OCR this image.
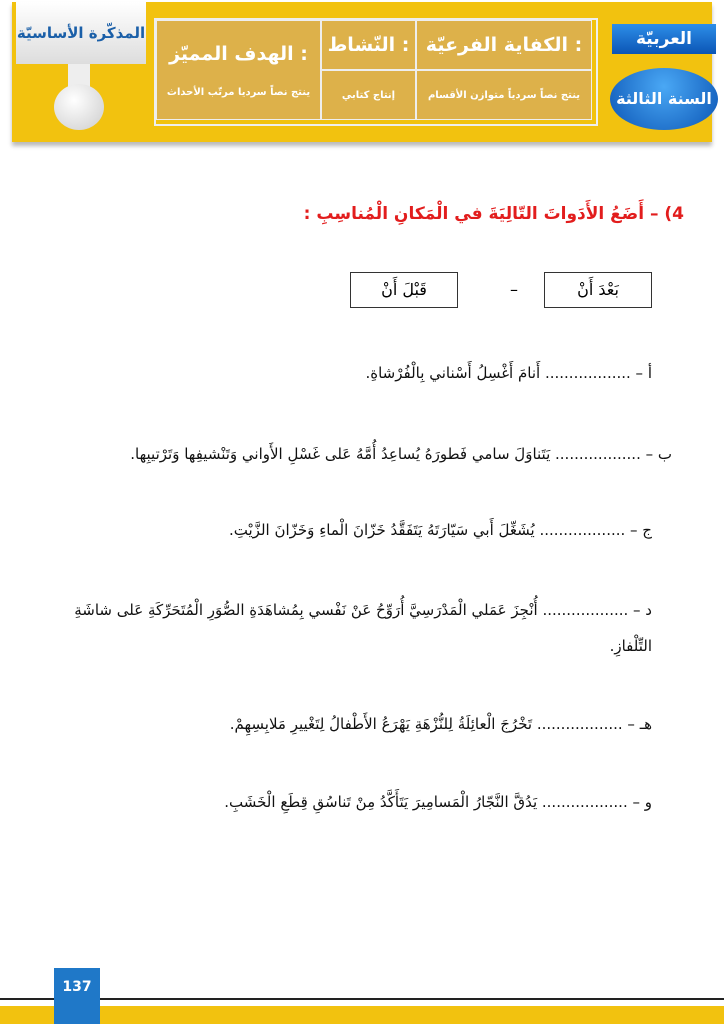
المذكّرة الأساسيّة
الهدف المميّز :
ينتج نصاً سرديا مرتّب الأحداث
النّشاط : الكفاية الفرعيّة :
إنتاج كتابي	ينتج نصاً سردياً متوازن الأقسام
العربيّة
السنة الثالثة
4) – أَضَعُ الأَدَواتَ التّالِيَةَ في الْمَكانِ الْمُناسِبِ :
بَعْدَ أَنْ
–
قَبْلَ أَنْ
أ – .................. أَنامَ أَغْسِلُ أَسْناني بِالْفُرْشاةِ.
ب – .................. يَتَناوَلَ سامي فَطورَهُ يُساعِدُ أُمَّهُ عَلى غَسْلِ الأَواني وَتَنْشيفِها وَتَرْتيبِها.
ج – .................. يُشَغِّلَ أَبي سَيّارَتَهُ يَتَفَقَّدُ خَزّانَ الْماءِ وَخَزّانَ الزَّيْتِ.
د – .................. أُنْجِزَ عَمَلي الْمَدْرَسِيَّ أُرَوِّحُ عَنْ نَفْسي بِمُشاهَدَةِ الصُّوَرِ الْمُتَحَرِّكَةِ عَلى شاشَةِ التِّلْفازِ.
هـ – .................. تَخْرُجَ الْعائِلَةُ لِلنُّزْهَةِ يَهْرَعُ الأَطْفالُ لِتَغْييرِ مَلابِسِهِمْ.
و – .................. يَدُقَّ النَّجّارُ الْمَسامِيرَ يَتَأَكَّدُ مِنْ تَناسُقِ قِطَعِ الْخَشَبِ.
137
